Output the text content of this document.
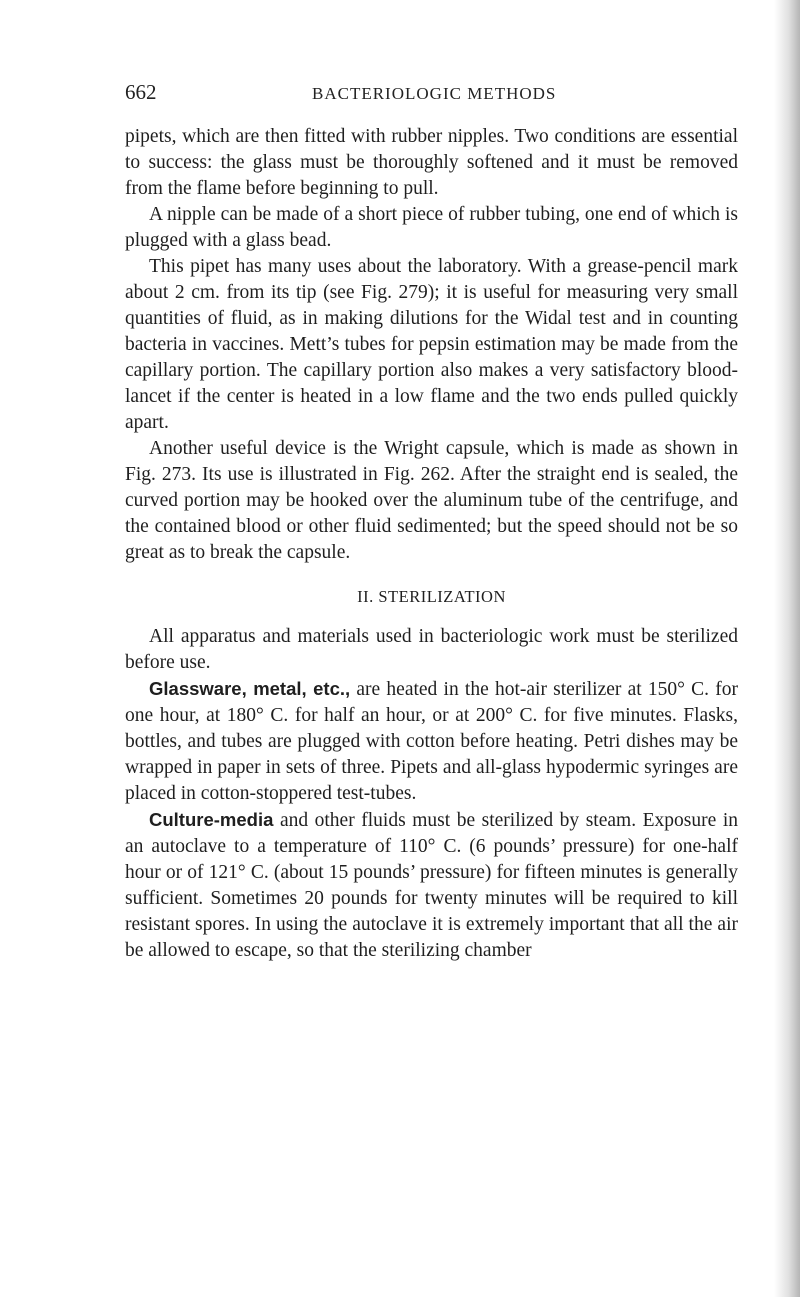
662	BACTERIOLOGIC METHODS

pipets, which are then fitted with rubber nipples. Two conditions are essential to success: the glass must be thoroughly softened and it must be removed from the flame before beginning to pull.

A nipple can be made of a short piece of rubber tubing, one end of which is plugged with a glass bead.

This pipet has many uses about the laboratory. With a grease-pencil mark about 2 cm. from its tip (see Fig. 279); it is useful for measuring very small quantities of fluid, as in making dilutions for the Widal test and in counting bacteria in vaccines. Mett’s tubes for pepsin estimation may be made from the capillary portion. The capillary portion also makes a very satisfactory blood-lancet if the center is heated in a low flame and the two ends pulled quickly apart.

Another useful device is the Wright capsule, which is made as shown in Fig. 273. Its use is illustrated in Fig. 262. After the straight end is sealed, the curved portion may be hooked over the aluminum tube of the centrifuge, and the contained blood or other fluid sedimented; but the speed should not be so great as to break the capsule.

II. STERILIZATION

All apparatus and materials used in bacteriologic work must be sterilized before use.

Glassware, metal, etc., are heated in the hot-air sterilizer at 150° C. for one hour, at 180° C. for half an hour, or at 200° C. for five minutes. Flasks, bottles, and tubes are plugged with cotton before heating. Petri dishes may be wrapped in paper in sets of three. Pipets and all-glass hypodermic syringes are placed in cotton-stoppered test-tubes.

Culture-media and other fluids must be sterilized by steam. Exposure in an autoclave to a temperature of 110° C. (6 pounds’ pressure) for one-half hour or of 121° C. (about 15 pounds’ pressure) for fifteen minutes is generally sufficient. Sometimes 20 pounds for twenty minutes will be required to kill resistant spores. In using the autoclave it is extremely important that all the air be allowed to escape, so that the sterilizing chamber
